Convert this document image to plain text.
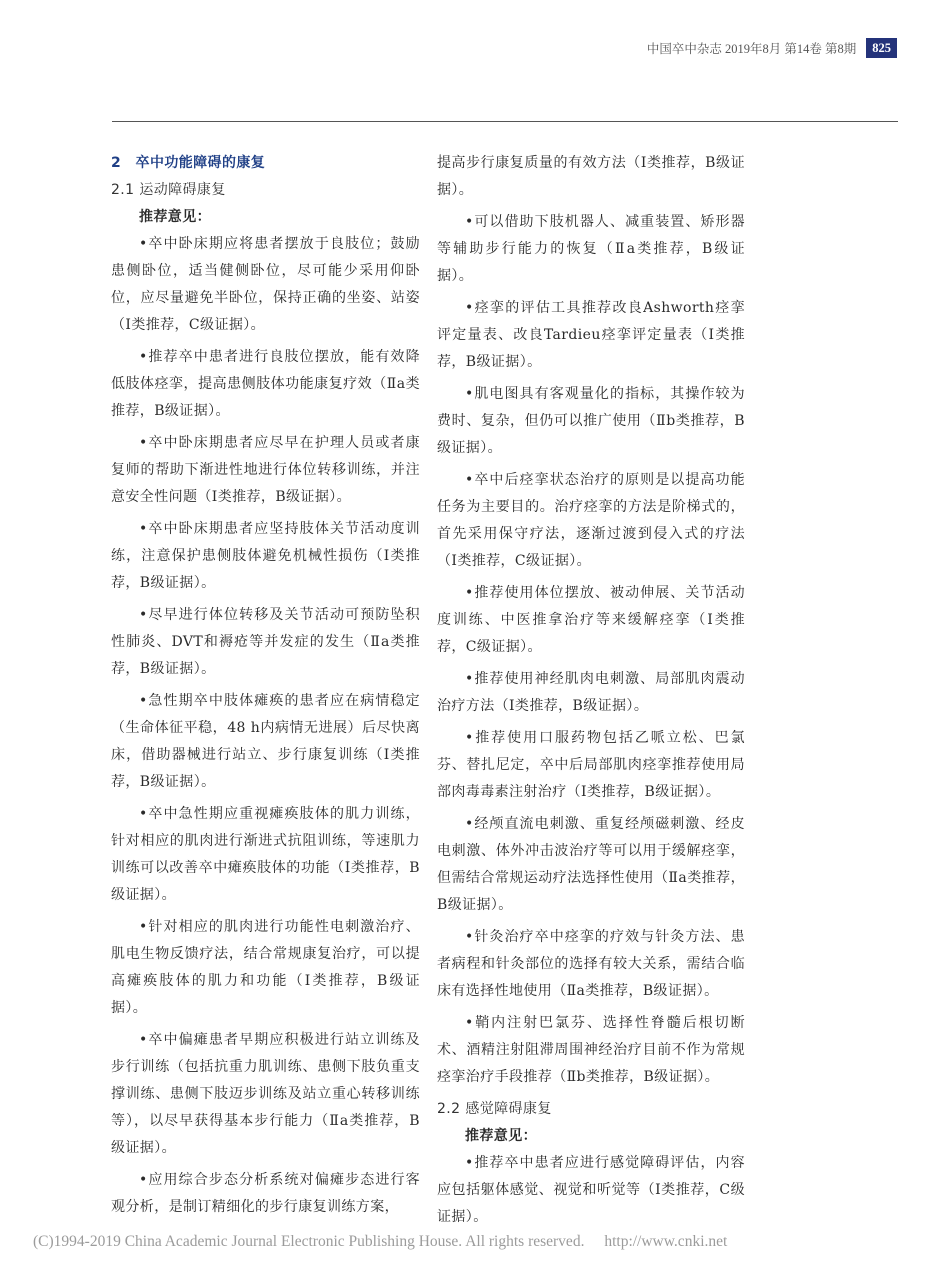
中国卒中杂志 2019年8月 第14卷 第8期	825
2　卒中功能障碍的康复
2.1 运动障碍康复
推荐意见：

•卒中卧床期应将患者摆放于良肢位；鼓励患侧卧位，适当健侧卧位，尽可能少采用仰卧位，应尽量避免半卧位，保持正确的坐姿、站姿（Ⅰ类推荐，C级证据）。

•推荐卒中患者进行良肢位摆放，能有效降低肢体痉挛，提高患侧肢体功能康复疗效（Ⅱa类推荐，B级证据）。

•卒中卧床期患者应尽早在护理人员或者康复师的帮助下渐进性地进行体位转移训练，并注意安全性问题（Ⅰ类推荐，B级证据）。

•卒中卧床期患者应坚持肢体关节活动度训练，注意保护患侧肢体避免机械性损伤（Ⅰ类推荐，B级证据）。

•尽早进行体位转移及关节活动可预防坠积性肺炎、DVT和褥疮等并发症的发生（Ⅱa类推荐，B级证据）。

•急性期卒中肢体瘫痪的患者应在病情稳定（生命体征平稳，48 h内病情无进展）后尽快离床，借助器械进行站立、步行康复训练（Ⅰ类推荐，B级证据）。

•卒中急性期应重视瘫痪肢体的肌力训练，针对相应的肌肉进行渐进式抗阻训练，等速肌力训练可以改善卒中瘫痪肢体的功能（Ⅰ类推荐，B级证据）。

•针对相应的肌肉进行功能性电刺激治疗、肌电生物反馈疗法，结合常规康复治疗，可以提高瘫痪肢体的肌力和功能（Ⅰ类推荐，B级证据）。

•卒中偏瘫患者早期应积极进行站立训练及步行训练（包括抗重力肌训练、患侧下肢负重支撑训练、患侧下肢迈步训练及站立重心转移训练等），以尽早获得基本步行能力（Ⅱa类推荐，B级证据）。

•应用综合步态分析系统对偏瘫步态进行客观分析，是制订精细化的步行康复训练方案，

提高步行康复质量的有效方法（Ⅰ类推荐，B级证据）。

•可以借助下肢机器人、减重装置、矫形器等辅助步行能力的恢复（Ⅱa类推荐，B级证据）。

•痉挛的评估工具推荐改良Ashworth痉挛评定量表、改良Tardieu痉挛评定量表（Ⅰ类推荐，B级证据）。

•肌电图具有客观量化的指标，其操作较为费时、复杂，但仍可以推广使用（Ⅱb类推荐，B级证据）。

•卒中后痉挛状态治疗的原则是以提高功能任务为主要目的。治疗痉挛的方法是阶梯式的，首先采用保守疗法，逐渐过渡到侵入式的疗法（Ⅰ类推荐，C级证据）。

•推荐使用体位摆放、被动伸展、关节活动度训练、中医推拿治疗等来缓解痉挛（Ⅰ类推荐，C级证据）。

•推荐使用神经肌肉电刺激、局部肌肉震动治疗方法（Ⅰ类推荐，B级证据）。

•推荐使用口服药物包括乙哌立松、巴氯芬、替扎尼定，卒中后局部肌肉痉挛推荐使用局部肉毒毒素注射治疗（Ⅰ类推荐，B级证据）。

•经颅直流电刺激、重复经颅磁刺激、经皮电刺激、体外冲击波治疗等可以用于缓解痉挛，但需结合常规运动疗法选择性使用（Ⅱa类推荐，B级证据）。

•针灸治疗卒中痉挛的疗效与针灸方法、患者病程和针灸部位的选择有较大关系，需结合临床有选择性地使用（Ⅱa类推荐，B级证据）。

•鞘内注射巴氯芬、选择性脊髓后根切断术、酒精注射阻滞周围神经治疗目前不作为常规痉挛治疗手段推荐（Ⅱb类推荐，B级证据）。

2.2 感觉障碍康复
推荐意见：

•推荐卒中患者应进行感觉障碍评估，内容应包括躯体感觉、视觉和听觉等（Ⅰ类推荐，C级证据）。

(C)1994-2019 China Academic Journal Electronic Publishing House. All rights reserved. http://www.cnki.net
